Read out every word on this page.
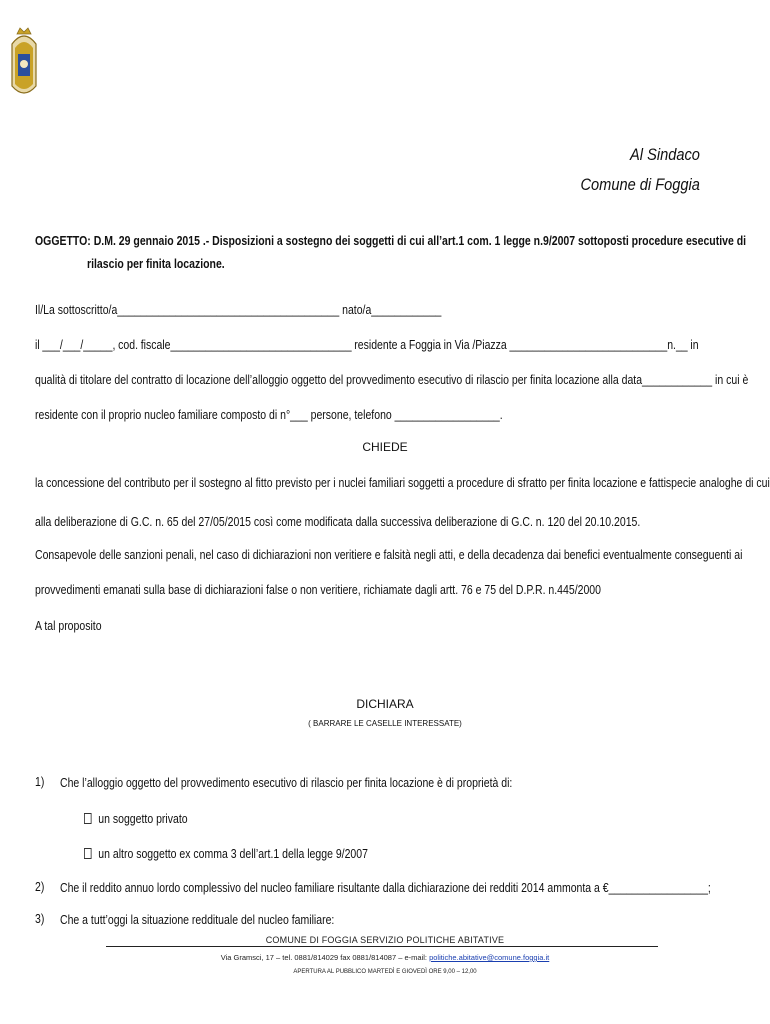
Al Sindaco
Comune di Foggia
OGGETTO: D.M. 29 gennaio 2015 .- Disposizioni a sostegno dei soggetti di cui all’art.1 com. 1 legge n.9/2007 sottoposti procedure esecutive di
rilascio per finita locazione.
Il/La sottoscritto/a______________________________________ nato/a____________
il ___/___/_____, cod. fiscale_______________________________ residente a Foggia in Via /Piazza ___________________________n.__ in
qualità di titolare del contratto di locazione dell’alloggio oggetto del provvedimento esecutivo di rilascio per finita locazione alla data____________ in cui è
residente con il proprio nucleo familiare composto di n°___ persone, telefono __________________.
CHIEDE
la concessione del contributo per il sostegno al fitto previsto per i nuclei familiari soggetti a procedure di sfratto per finita locazione e fattispecie analoghe di cui
alla deliberazione di G.C. n. 65 del 27/05/2015 così come modificata dalla successiva deliberazione di G.C. n. 120 del 20.10.2015.
Consapevole delle sanzioni penali, nel caso di dichiarazioni non veritiere e falsità negli atti, e della decadenza dai benefici eventualmente conseguenti ai
provvedimenti emanati sulla base di dichiarazioni false o non veritiere, richiamate dagli artt. 76 e 75 del D.P.R. n.445/2000
A tal proposito
DICHIARA
( BARRARE LE CASELLE INTERESSATE)
1) Che l’alloggio oggetto del provvedimento esecutivo di rilascio per finita locazione è di proprietà di:
un soggetto privato
un altro soggetto ex comma 3 dell’art.1 della legge 9/2007
2) Che il reddito annuo lordo complessivo del nucleo familiare risultante dalla dichiarazione dei redditi 2014 ammonta a €_________________;
3) Che a tutt’oggi la situazione reddituale del nucleo familiare:
COMUNE DI FOGGIA SERVIZIO POLITICHE ABITATIVE
Via Gramsci, 17 – tel. 0881/814029 fax 0881/814087 – e-mail: politiche.abitative@comune.foggia.it
APERTURA AL PUBBLICO MARTEDÌ E GIOVEDÌ ORE 9,00 – 12,00
